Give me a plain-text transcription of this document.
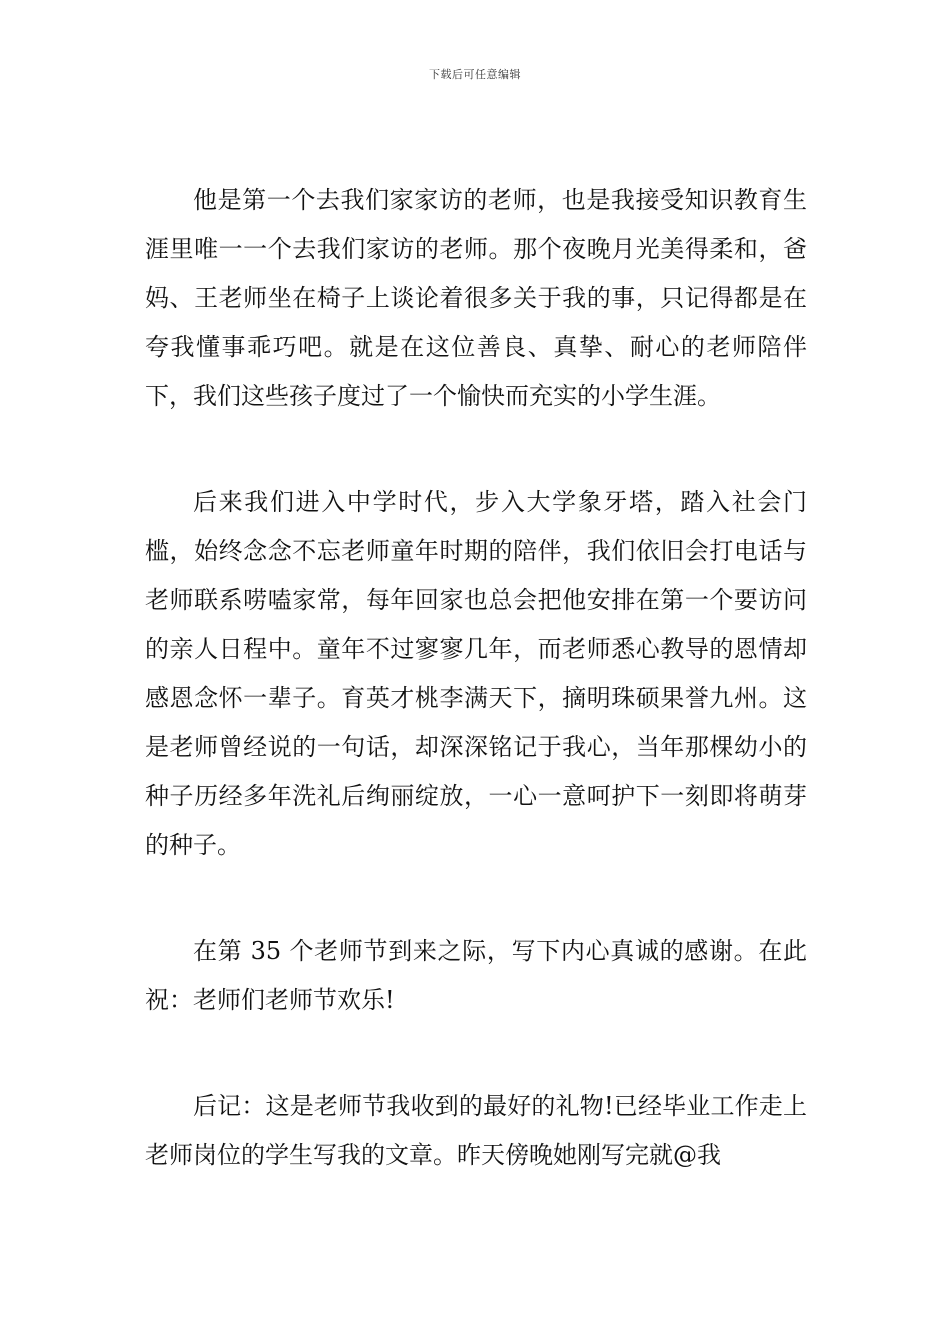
下载后可任意编辑

他是第一个去我们家家访的老师，也是我接受知识教育生涯里唯一一个去我们家访的老师。那个夜晚月光美得柔和，爸妈、王老师坐在椅子上谈论着很多关于我的事，只记得都是在夸我懂事乖巧吧。就是在这位善良、真挚、耐心的老师陪伴下，我们这些孩子度过了一个愉快而充实的小学生涯。

后来我们进入中学时代，步入大学象牙塔，踏入社会门槛，始终念念不忘老师童年时期的陪伴，我们依旧会打电话与老师联系唠嗑家常，每年回家也总会把他安排在第一个要访问的亲人日程中。童年不过寥寥几年，而老师悉心教导的恩情却感恩念怀一辈子。育英才桃李满天下，摘明珠硕果誉九州。这是老师曾经说的一句话，却深深铭记于我心，当年那棵幼小的种子历经多年洗礼后绚丽绽放，一心一意呵护下一刻即将萌芽的种子。

在第 35 个老师节到来之际，写下内心真诚的感谢。在此祝：老师们老师节欢乐!

后记：这是老师节我收到的最好的礼物!已经毕业工作走上老师岗位的学生写我的文章。昨天傍晚她刚写完就@我
